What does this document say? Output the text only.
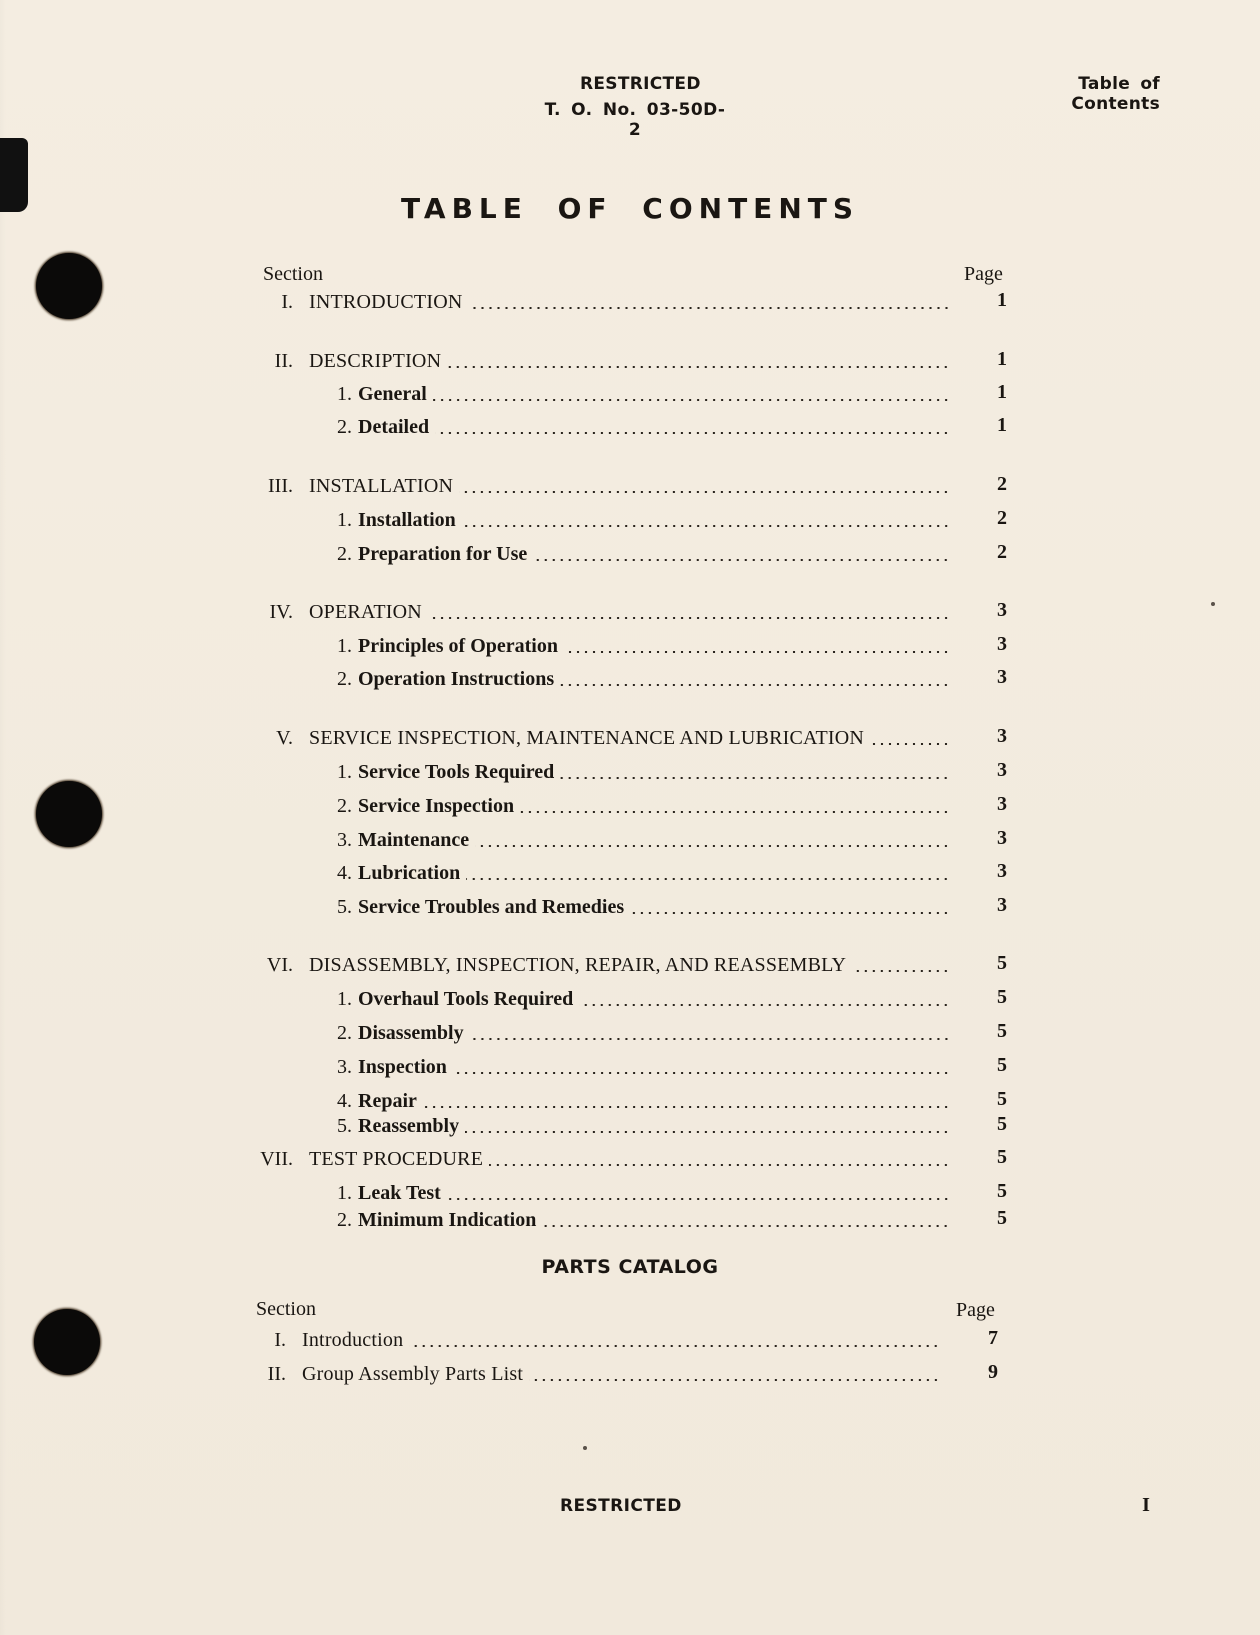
RESTRICTED
T. O. No. 03-50D-2
Table of Contents
TABLE OF CONTENTS
Section	Page
I. INTRODUCTION	1
II. DESCRIPTION	1
1. General	1
2. Detailed	1
III. INSTALLATION	2
1. Installation	2
2. Preparation for Use	2
IV. OPERATION	3
1. Principles of Operation	3
2. Operation Instructions	3
V. SERVICE INSPECTION, MAINTENANCE AND LUBRICATION	3
1. Service Tools Required	3
2. Service Inspection	3
3. Maintenance	3
4. Lubrication	3
5. Service Troubles and Remedies	3
VI. DISASSEMBLY, INSPECTION, REPAIR, AND REASSEMBLY	5
1. Overhaul Tools Required	5
2. Disassembly	5
3. Inspection	5
4. Repair	5
5. Reassembly	5
VII. TEST PROCEDURE	5
1. Leak Test	5
2. Minimum Indication	5
PARTS CATALOG
Section	Page
I. Introduction	7
II. Group Assembly Parts List	9
RESTRICTED	I
